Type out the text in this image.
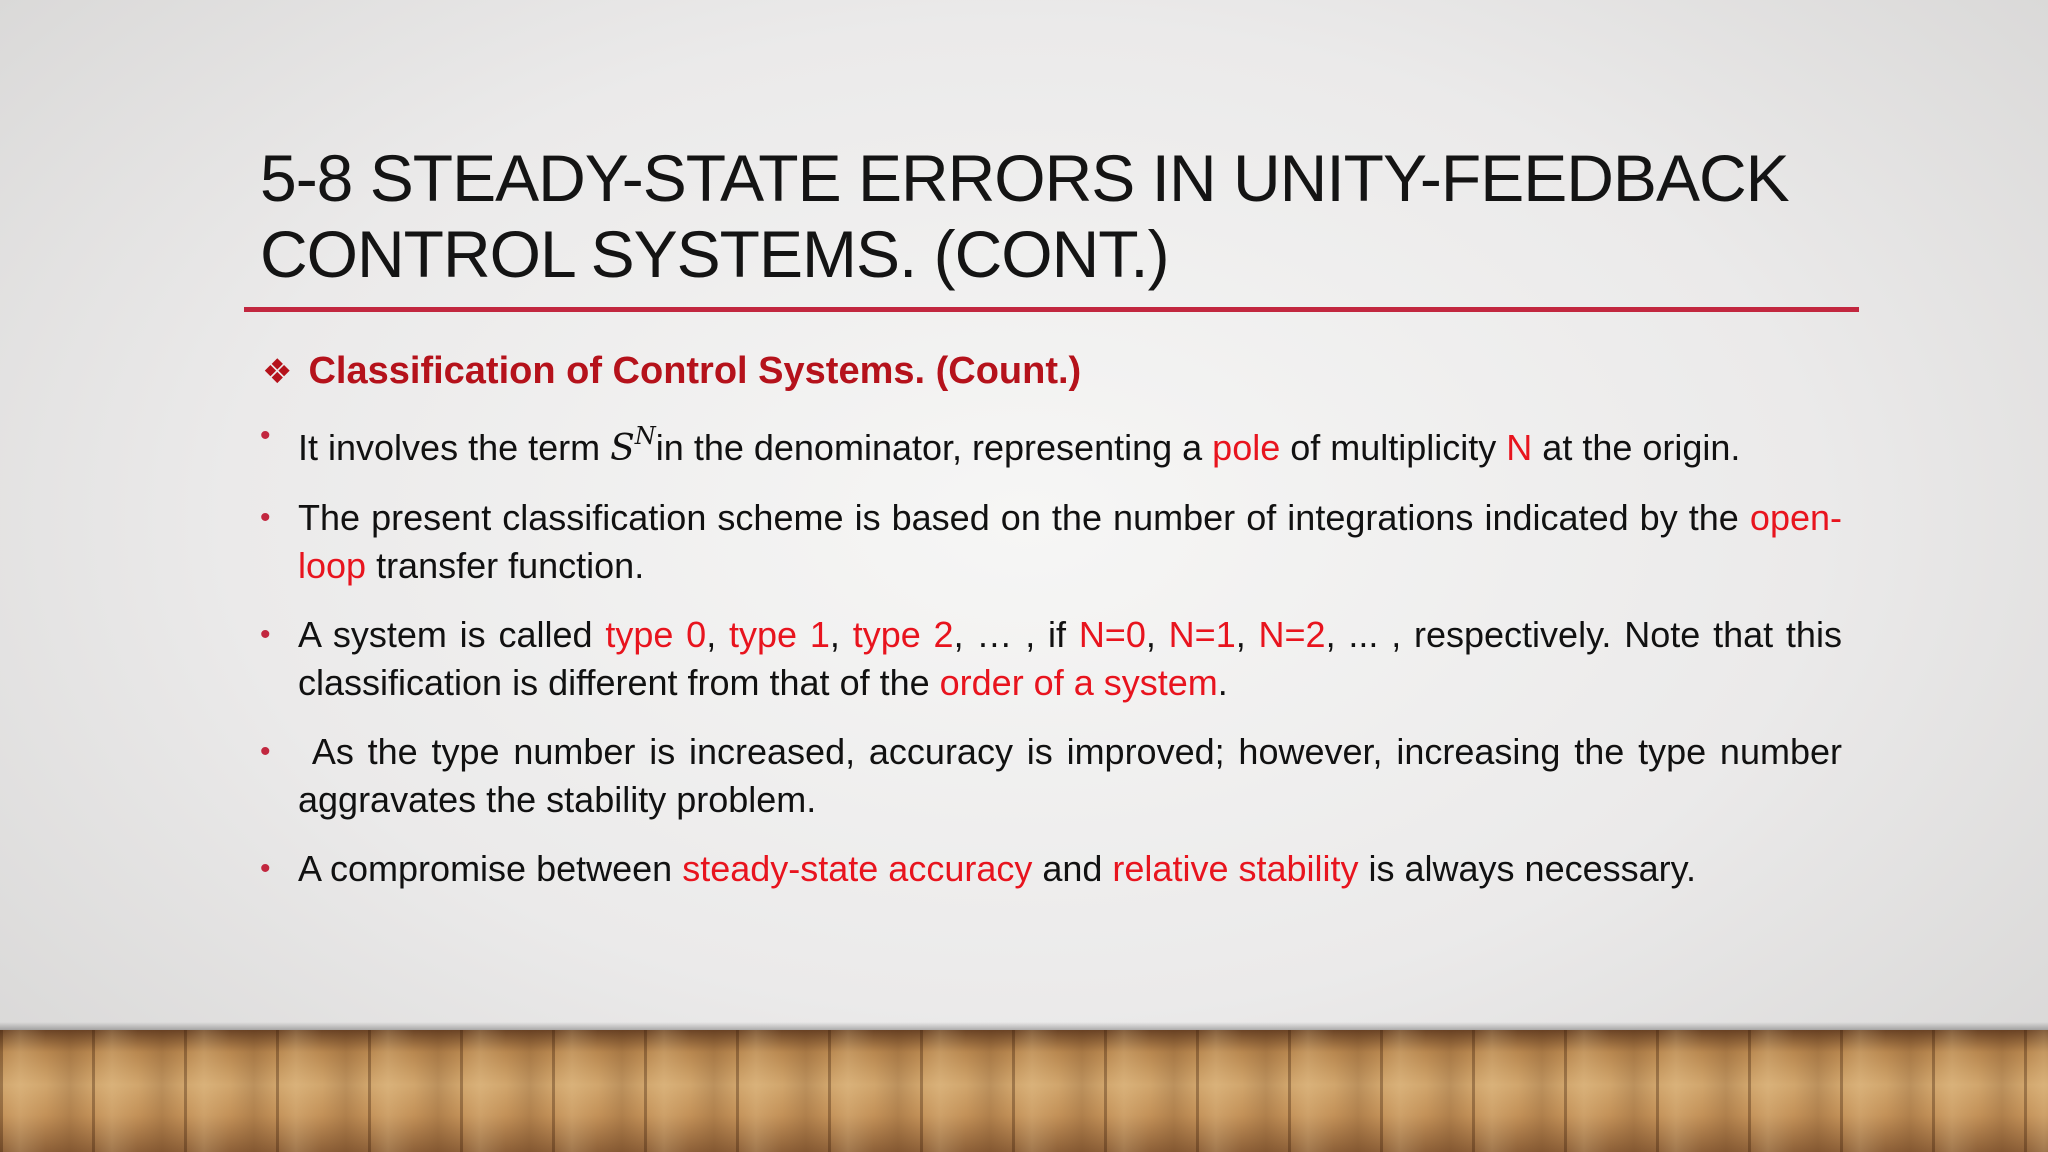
5-8 STEADY-STATE ERRORS IN UNITY-FEEDBACK
CONTROL SYSTEMS. (CONT.)
❖ Classification of Control Systems. (Count.)
• It involves the term $S^Nin$ the denominator, representing a pole of multiplicity N at the origin.
• The present classification scheme is based on the number of integrations indicated by the open-loop transfer function.
• A system is called type 0, type 1, type 2, … , if N=0, N=1, N=2, ... , respectively. Note that this classification is different from that of the order of a system.
•  As the type number is increased, accuracy is improved; however, increasing the type number aggravates the stability problem.
• A compromise between steady-state accuracy and relative stability is always necessary.
